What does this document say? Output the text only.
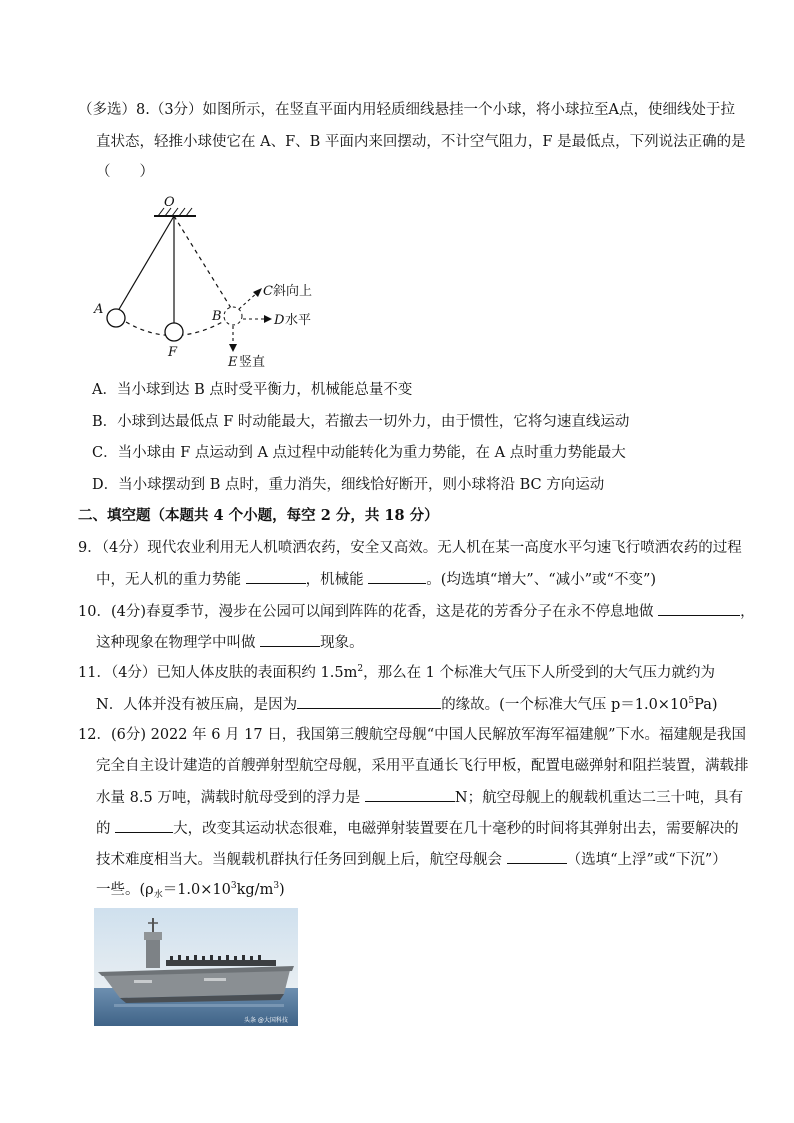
（多选）8.（3分）如图所示，在竖直平面内用轻质细线悬挂一个小球，将小球拉至A点，使细线处于拉
直状态，轻推小球使它在 A、F、B 平面内来回摆动，不计空气阻力，F 是最低点，下列说法正确的是
（　　）
O
A
F
B
C 斜向上
D 水平
E 竖直
A．当小球到达 B 点时受平衡力，机械能总量不变
B．小球到达最低点 F 时动能最大，若撤去一切外力，由于惯性，它将匀速直线运动
C．当小球由 F 点运动到 A 点过程中动能转化为重力势能，在 A 点时重力势能最大
D．当小球摆动到 B 点时，重力消失，细线恰好断开，则小球将沿 BC 方向运动
二、填空题（本题共 4 个小题，每空 2 分，共 18 分）
9．（4分）现代农业利用无人机喷洒农药，安全又高效。无人机在某一高度水平匀速飞行喷洒农药的过程
中，无人机的重力势能	，机械能	。(均选填“增大”、“减小”或“不变”)
10．(4分)春夏季节，漫步在公园可以闻到阵阵的花香，这是花的芳香分子在永不停息地做	，
这种现象在物理学中叫做	现象。
11．（4分）已知人体皮肤的表面积约 $1.5m^2$，那么在 1 个标准大气压下人所受到的大气压力就约为
N．人体并没有被压扁，是因为	的缘故。(一个标准大气压 $p=1.0\times 10^5Pa$)
12．(6分) 2022 年 6 月 17 日，我国第三艘航空母舰“中国人民解放军海军福建舰”下水。福建舰是我国
完全自主设计建造的首艘弹射型航空母舰，采用平直通长飞行甲板，配置电磁弹射和阻拦装置，满载排
水量 8.5 万吨，满载时航母受到的浮力是	N；航空母舰上的舰载机重达二三十吨，具有
的	大，改变其运动状态很难，电磁弹射装置要在几十毫秒的时间将其弹射出去，需要解决的
技术难度相当大。当舰载机群执行任务回到舰上后，航空母舰会	（选填“上浮”或“下沉”）
一些。$(\rho_水=1.0\times 10^3kg/m^3)$
头条 @大国科技
